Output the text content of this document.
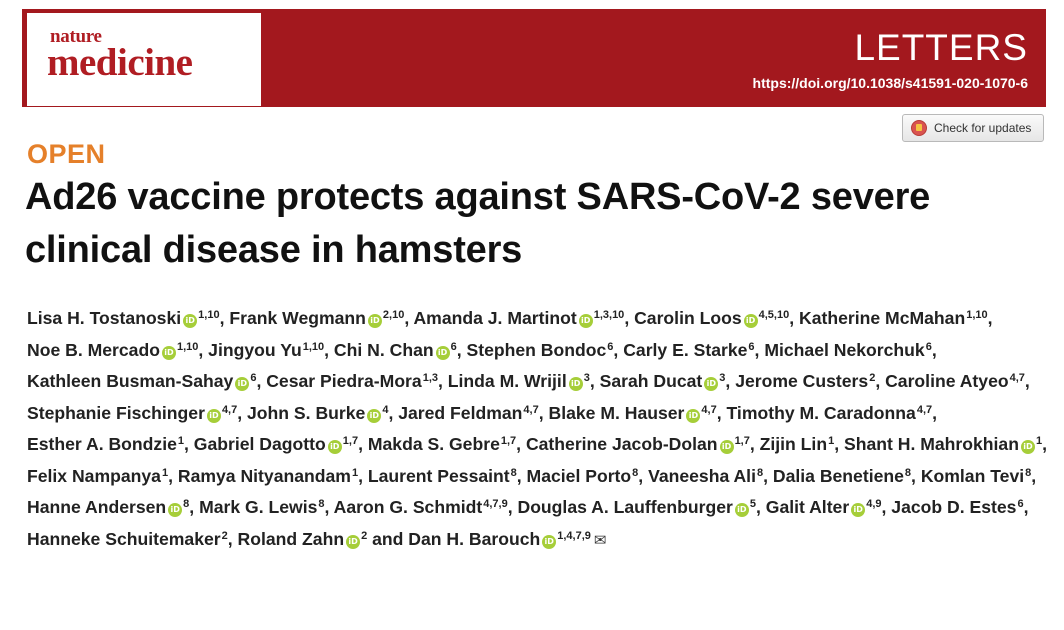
nature
medicine	LETTERS
https://doi.org/10.1038/s41591-020-1070-6
Check for updates
OPEN
Ad26 vaccine protects against SARS-CoV-2 severe clinical disease in hamsters
Lisa H. Tostanoski iD $^{1,10}$, Frank Wegmann iD $^{2,10}$, Amanda J. Martinot iD $^{1,3,10}$, Carolin Loos iD $^{4,5,10}$, Katherine McMahan$^{1,10}$, Noe B. Mercado iD $^{1,10}$, Jingyou Yu$^{1,10}$, Chi N. Chan iD $^6$, Stephen Bondoc$^6$, Carly E. Starke$^6$, Michael Nekorchuk$^6$, Kathleen Busman-Sahay iD $^6$, Cesar Piedra-Mora$^{1,3}$, Linda M. Wrijil iD $^3$, Sarah Ducat iD $^3$, Jerome Custers$^2$, Caroline Atyeo$^{4,7}$, Stephanie Fischinger iD $^{4,7}$, John S. Burke iD $^4$, Jared Feldman$^{4,7}$, Blake M. Hauser iD $^{4,7}$, Timothy M. Caradonna$^{4,7}$, Esther A. Bondzie$^1$, Gabriel Dagotto iD $^{1,7}$, Makda S. Gebre$^{1,7}$, Catherine Jacob-Dolan iD $^{1,7}$, Zijin Lin$^1$, Shant H. Mahrokhian iD $^1$, Felix Nampanya$^1$, Ramya Nityanandam$^1$, Laurent Pessaint$^8$, Maciel Porto$^8$, Vaneesha Ali$^8$, Dalia Benetiene$^8$, Komlan Tevi$^8$, Hanne Andersen iD $^8$, Mark G. Lewis$^8$, Aaron G. Schmidt$^{4,7,9}$, Douglas A. Lauffenburger iD $^5$, Galit Alter iD $^{4,9}$, Jacob D. Estes$^6$, Hanneke Schuitemaker$^2$, Roland Zahn iD $^2$ and Dan H. Barouch iD $^{1,4,7,9}$ ✉
